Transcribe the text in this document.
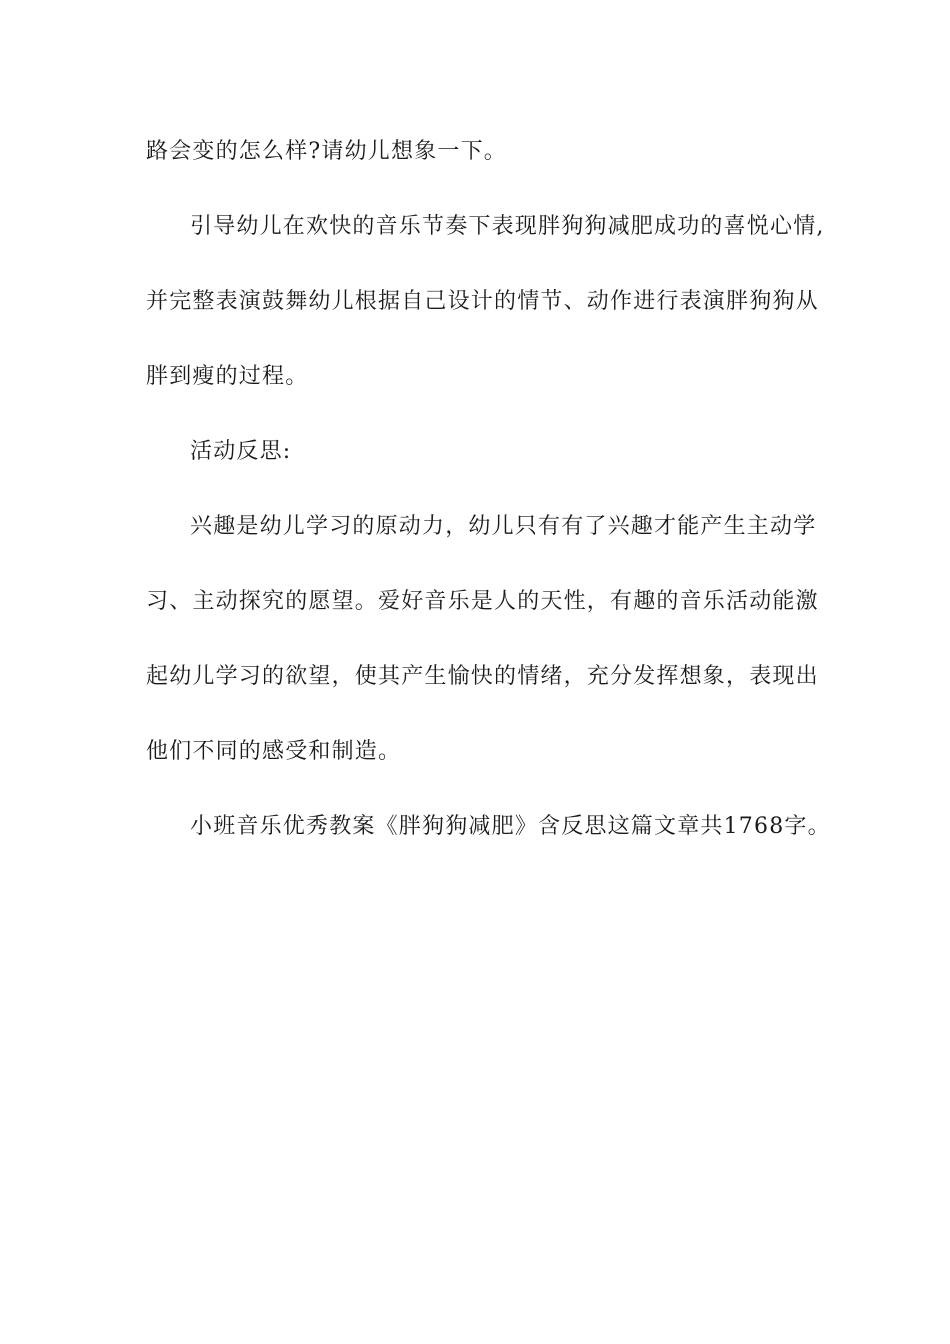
路会变的怎么样?请幼儿想象一下。
引导幼儿在欢快的音乐节奏下表现胖狗狗减肥成功的喜悦心情,
并完整表演鼓舞幼儿根据自己设计的情节、动作进行表演胖狗狗从
胖到瘦的过程。
活动反思:
兴趣是幼儿学习的原动力，幼儿只有有了兴趣才能产生主动学
习、主动探究的愿望。爱好音乐是人的天性，有趣的音乐活动能激
起幼儿学习的欲望，使其产生愉快的情绪，充分发挥想象，表现出
他们不同的感受和制造。
小班音乐优秀教案《胖狗狗减肥》含反思这篇文章共1768字。
